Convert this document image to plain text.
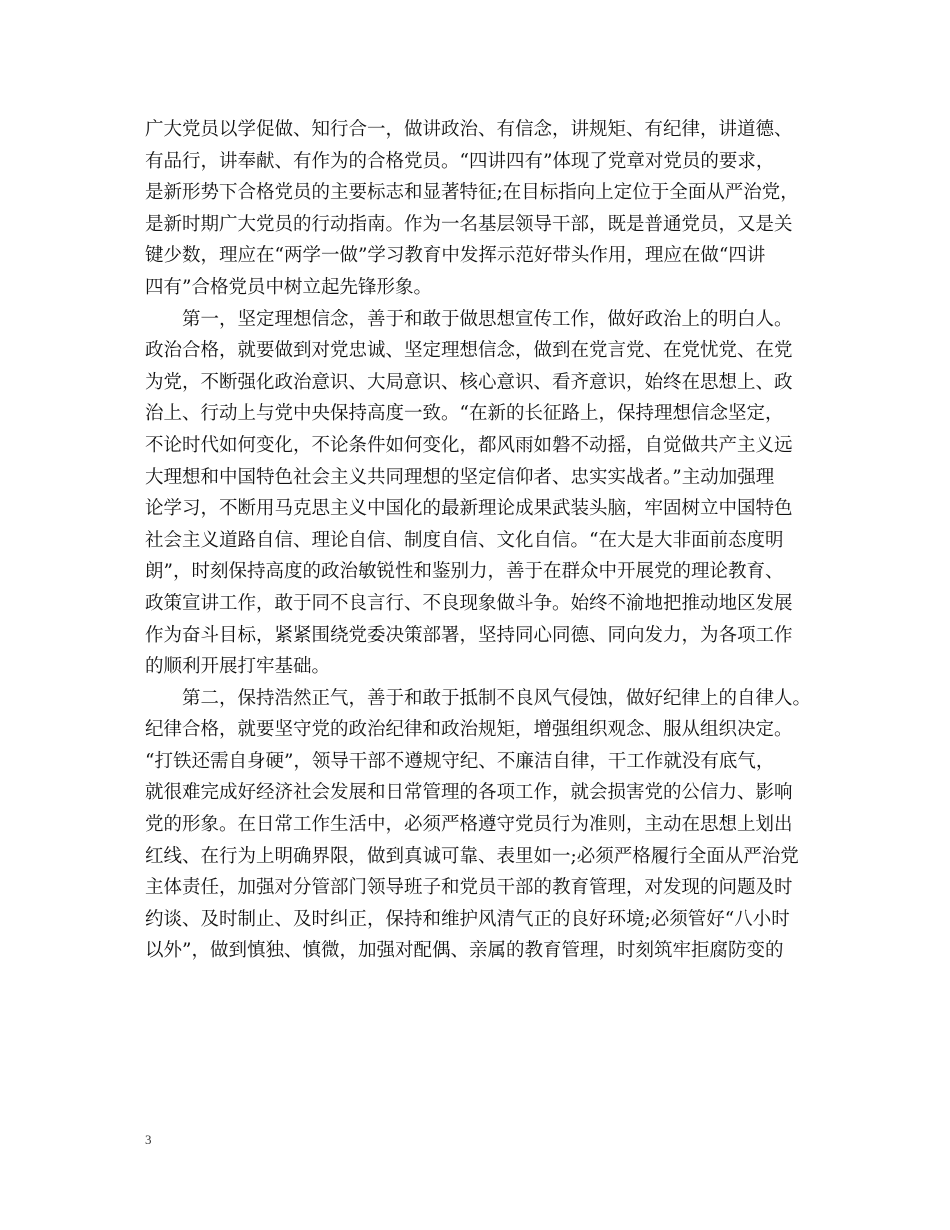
广大党员以学促做、知行合一，做讲政治、有信念，讲规矩、有纪律，讲道德、
有品行，讲奉献、有作为的合格党员。“四讲四有”体现了党章对党员的要求，
是新形势下合格党员的主要标志和显著特征;在目标指向上定位于全面从严治党，
是新时期广大党员的行动指南。作为一名基层领导干部，既是普通党员，又是关
键少数，理应在“两学一做”学习教育中发挥示范好带头作用，理应在做“四讲
四有”合格党员中树立起先锋形象。
第一，坚定理想信念，善于和敢于做思想宣传工作，做好政治上的明白人。
政治合格，就要做到对党忠诚、坚定理想信念，做到在党言党、在党忧党、在党
为党，不断强化政治意识、大局意识、核心意识、看齐意识，始终在思想上、政
治上、行动上与党中央保持高度一致。“在新的长征路上，保持理想信念坚定，
不论时代如何变化，不论条件如何变化，都风雨如磐不动摇，自觉做共产主义远
大理想和中国特色社会主义共同理想的坚定信仰者、忠实实战者。”主动加强理
论学习，不断用马克思主义中国化的最新理论成果武装头脑，牢固树立中国特色
社会主义道路自信、理论自信、制度自信、文化自信。“在大是大非面前态度明
朗”，时刻保持高度的政治敏锐性和鉴别力，善于在群众中开展党的理论教育、
政策宣讲工作，敢于同不良言行、不良现象做斗争。始终不渝地把推动地区发展
作为奋斗目标，紧紧围绕党委决策部署，坚持同心同德、同向发力，为各项工作
的顺利开展打牢基础。
第二，保持浩然正气，善于和敢于抵制不良风气侵蚀，做好纪律上的自律人。
纪律合格，就要坚守党的政治纪律和政治规矩，增强组织观念、服从组织决定。
“打铁还需自身硬”，领导干部不遵规守纪、不廉洁自律，干工作就没有底气，
就很难完成好经济社会发展和日常管理的各项工作，就会损害党的公信力、影响
党的形象。在日常工作生活中，必须严格遵守党员行为准则，主动在思想上划出
红线、在行为上明确界限，做到真诚可靠、表里如一;必须严格履行全面从严治党
主体责任，加强对分管部门领导班子和党员干部的教育管理，对发现的问题及时
约谈、及时制止、及时纠正，保持和维护风清气正的良好环境;必须管好“八小时
以外”，做到慎独、慎微，加强对配偶、亲属的教育管理，时刻筑牢拒腐防变的
3
